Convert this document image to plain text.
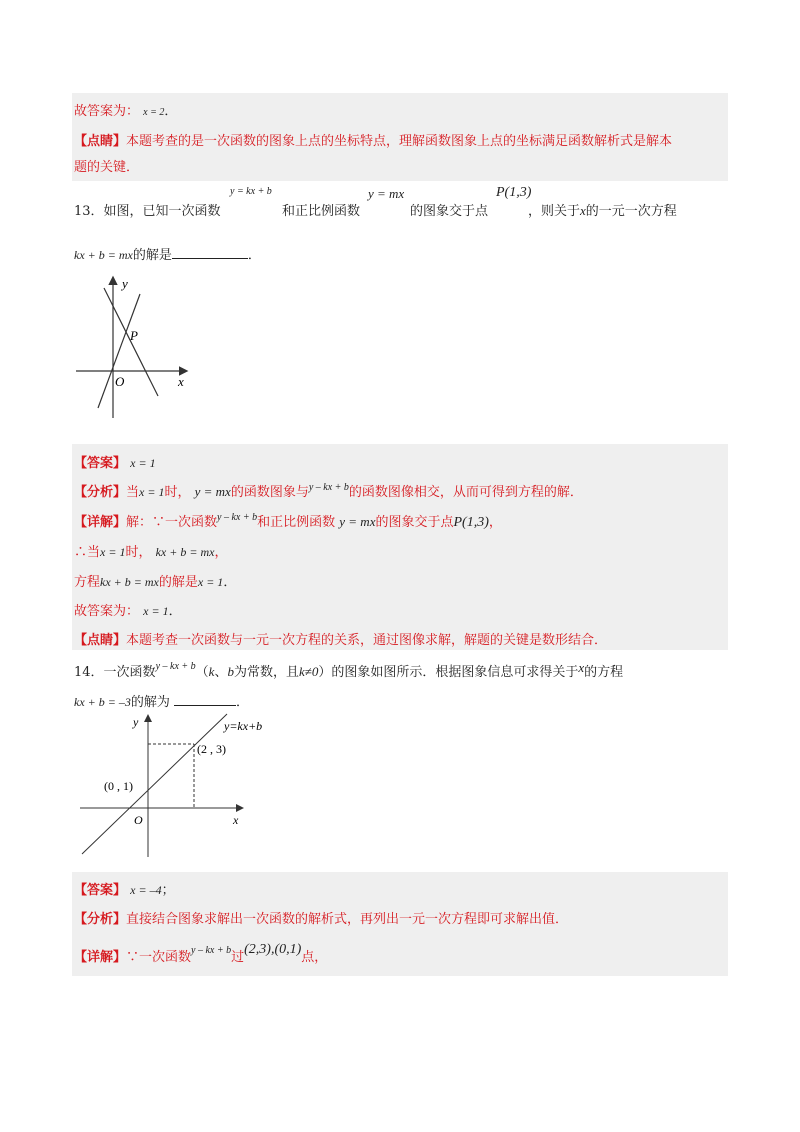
故答案为： x = 2．
【点睛】本题考查的是一次函数的图象上点的坐标特点，理解函数图象上点的坐标满足函数解析式是解本
题的关键．
13．如图，已知一次函数
y = kx + b
和正比例函数
y = mx
的图象交于点
P(1,3)
，则关于x的一元一次方程
kx + b = mx的解是	．
y
P
O	x
【答案】 x = 1
【分析】当x = 1时， y = mx的函数图象与$^{y - kx + b}$的函数图像相交，从而可得到方程的解．
【详解】解：∵一次函数$^{y - kx + b}$和正比例函数 y = mx的图象交于点P(1,3)，
∴当x = 1时， kx + b = mx，
方程kx + b = mx的解是x = 1．
故答案为： x = 1．
【点睛】本题考查一次函数与一元一次方程的关系，通过图像求解，解题的关键是数形结合．
14．一次函数$^{y - kx + b}$（k、b为常数，且k≠0）的图象如图所示．根据图象信息可求得关于x的方程
kx + b = –3的解为	．
y=kx+b
(2 , 3)
(0 , 1)
y
O	x
【答案】 x = –4；
【分析】直接结合图象求解出一次函数的解析式，再列出一元一次方程即可求解出值．
【详解】∵一次函数$^{y - kx + b}$过(2,3),(0,1)点，
